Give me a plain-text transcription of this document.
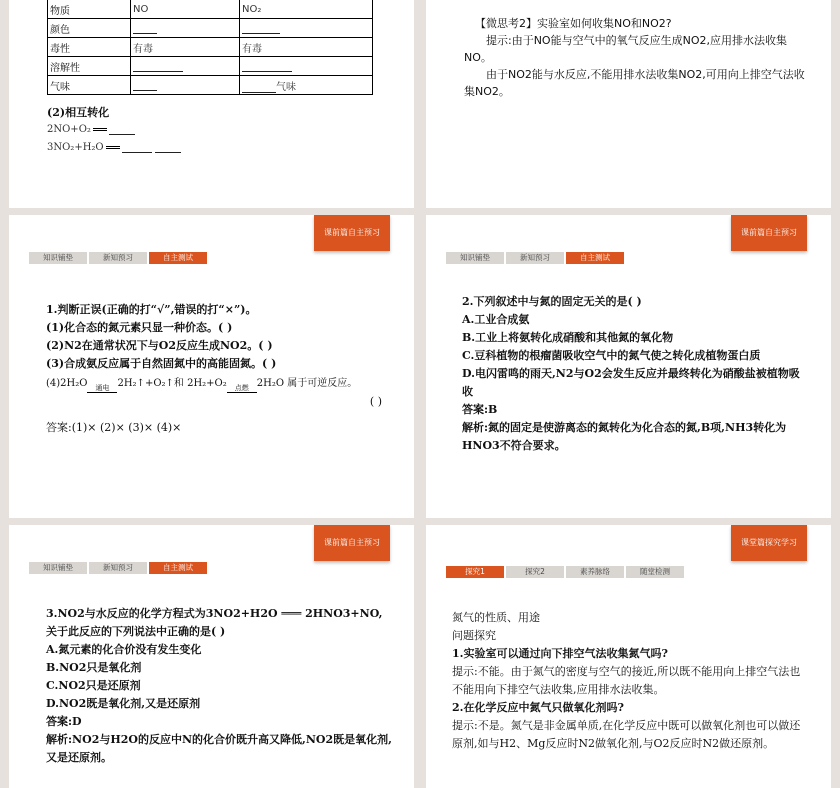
物质	NO	NO₂
颜色		
毒性	有毒	有毒
溶解性		
气味		气味
(2)相互转化
2NO+O₂
3NO₂+H₂O

【微思考2】实验室如何收集NO和NO2?

提示:由于NO能与空气中的氧气反应生成NO2,应用排水法收集NO。

由于NO2能与水反应,不能用排水法收集NO2,可用向上排空气法收集NO2。

课前篇自主预习
知识铺垫	新知预习	自主测试

1.判断正误(正确的打“√”,错误的打“×”)。

(1)化合态的氮元素只显一种价态。( )

(2)N2在通常状况下与O2反应生成NO2。( )

(3)合成氨反应属于自然固氮中的高能固氮。( )

(4)2H₂O	通电 2H₂↑+O₂↑和 2H₂+O₂	点燃 2H₂O 属于可逆反应。

( )

答案:(1)× (2)× (3)× (4)×

课前篇自主预习
知识铺垫	新知预习	自主测试

2.下列叙述中与氮的固定无关的是( )

A.工业合成氨

B.工业上将氨转化成硝酸和其他氮的氧化物

C.豆科植物的根瘤菌吸收空气中的氮气使之转化成植物蛋白质

D.电闪雷鸣的雨天,N2与O2会发生反应并最终转化为硝酸盐被植物吸收

答案:B

解析:氮的固定是使游离态的氮转化为化合态的氮,B项,NH3转化为HNO3不符合要求。

课前篇自主预习
知识铺垫	新知预习	自主测试

3.NO2与水反应的化学方程式为3NO2+H2O ═══ 2HNO3+NO,关于此反应的下列说法中正确的是( )

A.氮元素的化合价没有发生变化

B.NO2只是氧化剂

C.NO2只是还原剂

D.NO2既是氧化剂,又是还原剂

答案:D

解析:NO2与H2O的反应中N的化合价既升高又降低,NO2既是氧化剂,又是还原剂。

课堂篇探究学习
探究1	探究2	素养脉络	随堂检测

氮气的性质、用途

问题探究

1.实验室可以通过向下排空气法收集氮气吗?

提示:不能。由于氮气的密度与空气的接近,所以既不能用向上排空气法也不能用向下排空气法收集,应用排水法收集。

2.在化学反应中氮气只做氧化剂吗?

提示:不是。氮气是非金属单质,在化学反应中既可以做氧化剂也可以做还原剂,如与H2、Mg反应时N2做氧化剂,与O2反应时N2做还原剂。
